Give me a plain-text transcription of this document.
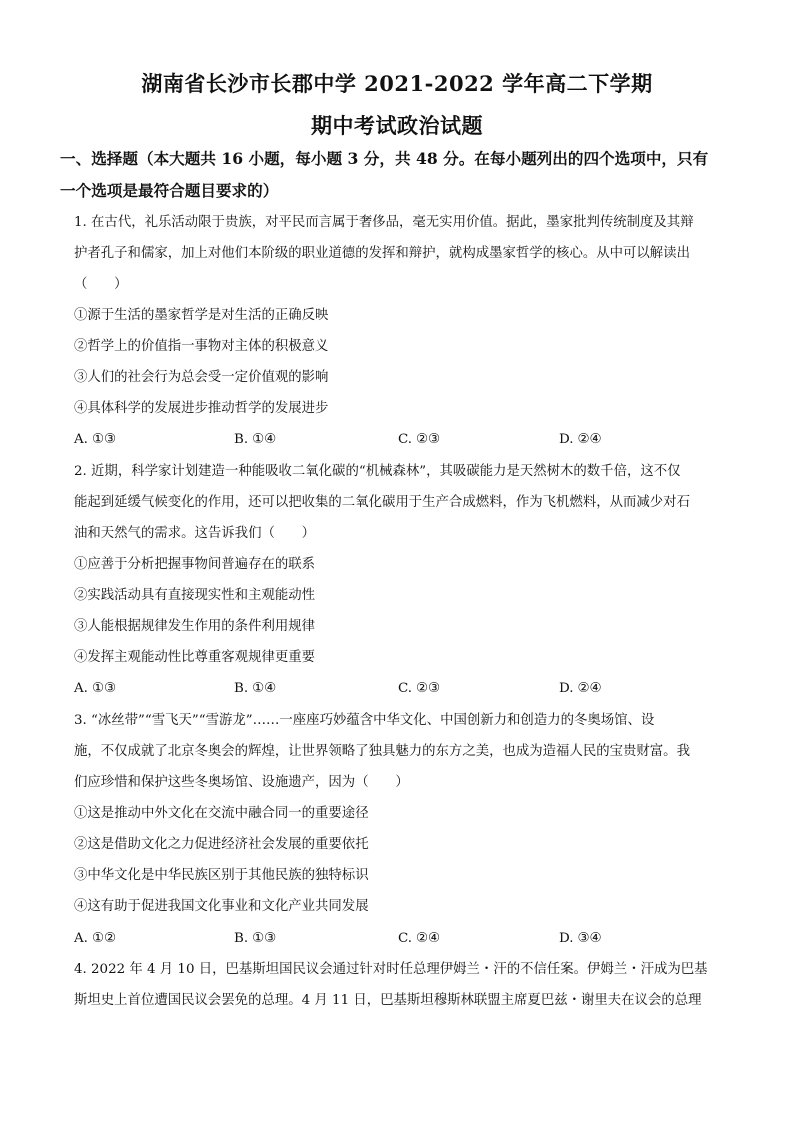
湖南省长沙市长郡中学 2021-2022 学年高二下学期
期中考试政治试题
一、选择题（本大题共 16 小题，每小题 3 分，共 48 分。在每小题列出的四个选项中，只有
一个选项是最符合题目要求的）
1. 在古代，礼乐活动限于贵族，对平民而言属于奢侈品，毫无实用价值。据此，墨家批判传统制度及其辩
护者孔子和儒家，加上对他们本阶级的职业道德的发挥和辩护，就构成墨家哲学的核心。从中可以解读出
（　　）
①源于生活的墨家哲学是对生活的正确反映
②哲学上的价值指一事物对主体的积极意义
③人们的社会行为总会受一定价值观的影响
④具体科学的发展进步推动哲学的发展进步
A. ①③	B. ①④	C. ②③	D. ②④
2. 近期，科学家计划建造一种能吸收二氧化碳的“机械森林”，其吸碳能力是天然树木的数千倍，这不仅
能起到延缓气候变化的作用，还可以把收集的二氧化碳用于生产合成燃料，作为飞机燃料，从而减少对石
油和天然气的需求。这告诉我们（　　）
①应善于分析把握事物间普遍存在的联系
②实践活动具有直接现实性和主观能动性
③人能根据规律发生作用的条件利用规律
④发挥主观能动性比尊重客观规律更重要
A. ①③	B. ①④	C. ②③	D. ②④
3. “冰丝带”“雪飞天”“雪游龙”……一座座巧妙蕴含中华文化、中国创新力和创造力的冬奥场馆、设
施，不仅成就了北京冬奥会的辉煌，让世界领略了独具魅力的东方之美，也成为造福人民的宝贵财富。我
们应珍惜和保护这些冬奥场馆、设施遗产，因为（　　）
①这是推动中外文化在交流中融合同一的重要途径
②这是借助文化之力促进经济社会发展的重要依托
③中华文化是中华民族区别于其他民族的独特标识
④这有助于促进我国文化事业和文化产业共同发展
A. ①②	B. ①③	C. ②④	D. ③④
4. 2022 年 4 月 10 日，巴基斯坦国民议会通过针对时任总理伊姆兰・汗的不信任案。伊姆兰・汗成为巴基
斯坦史上首位遭国民议会罢免的总理。4 月 11 日，巴基斯坦穆斯林联盟主席夏巴兹・谢里夫在议会的总理
